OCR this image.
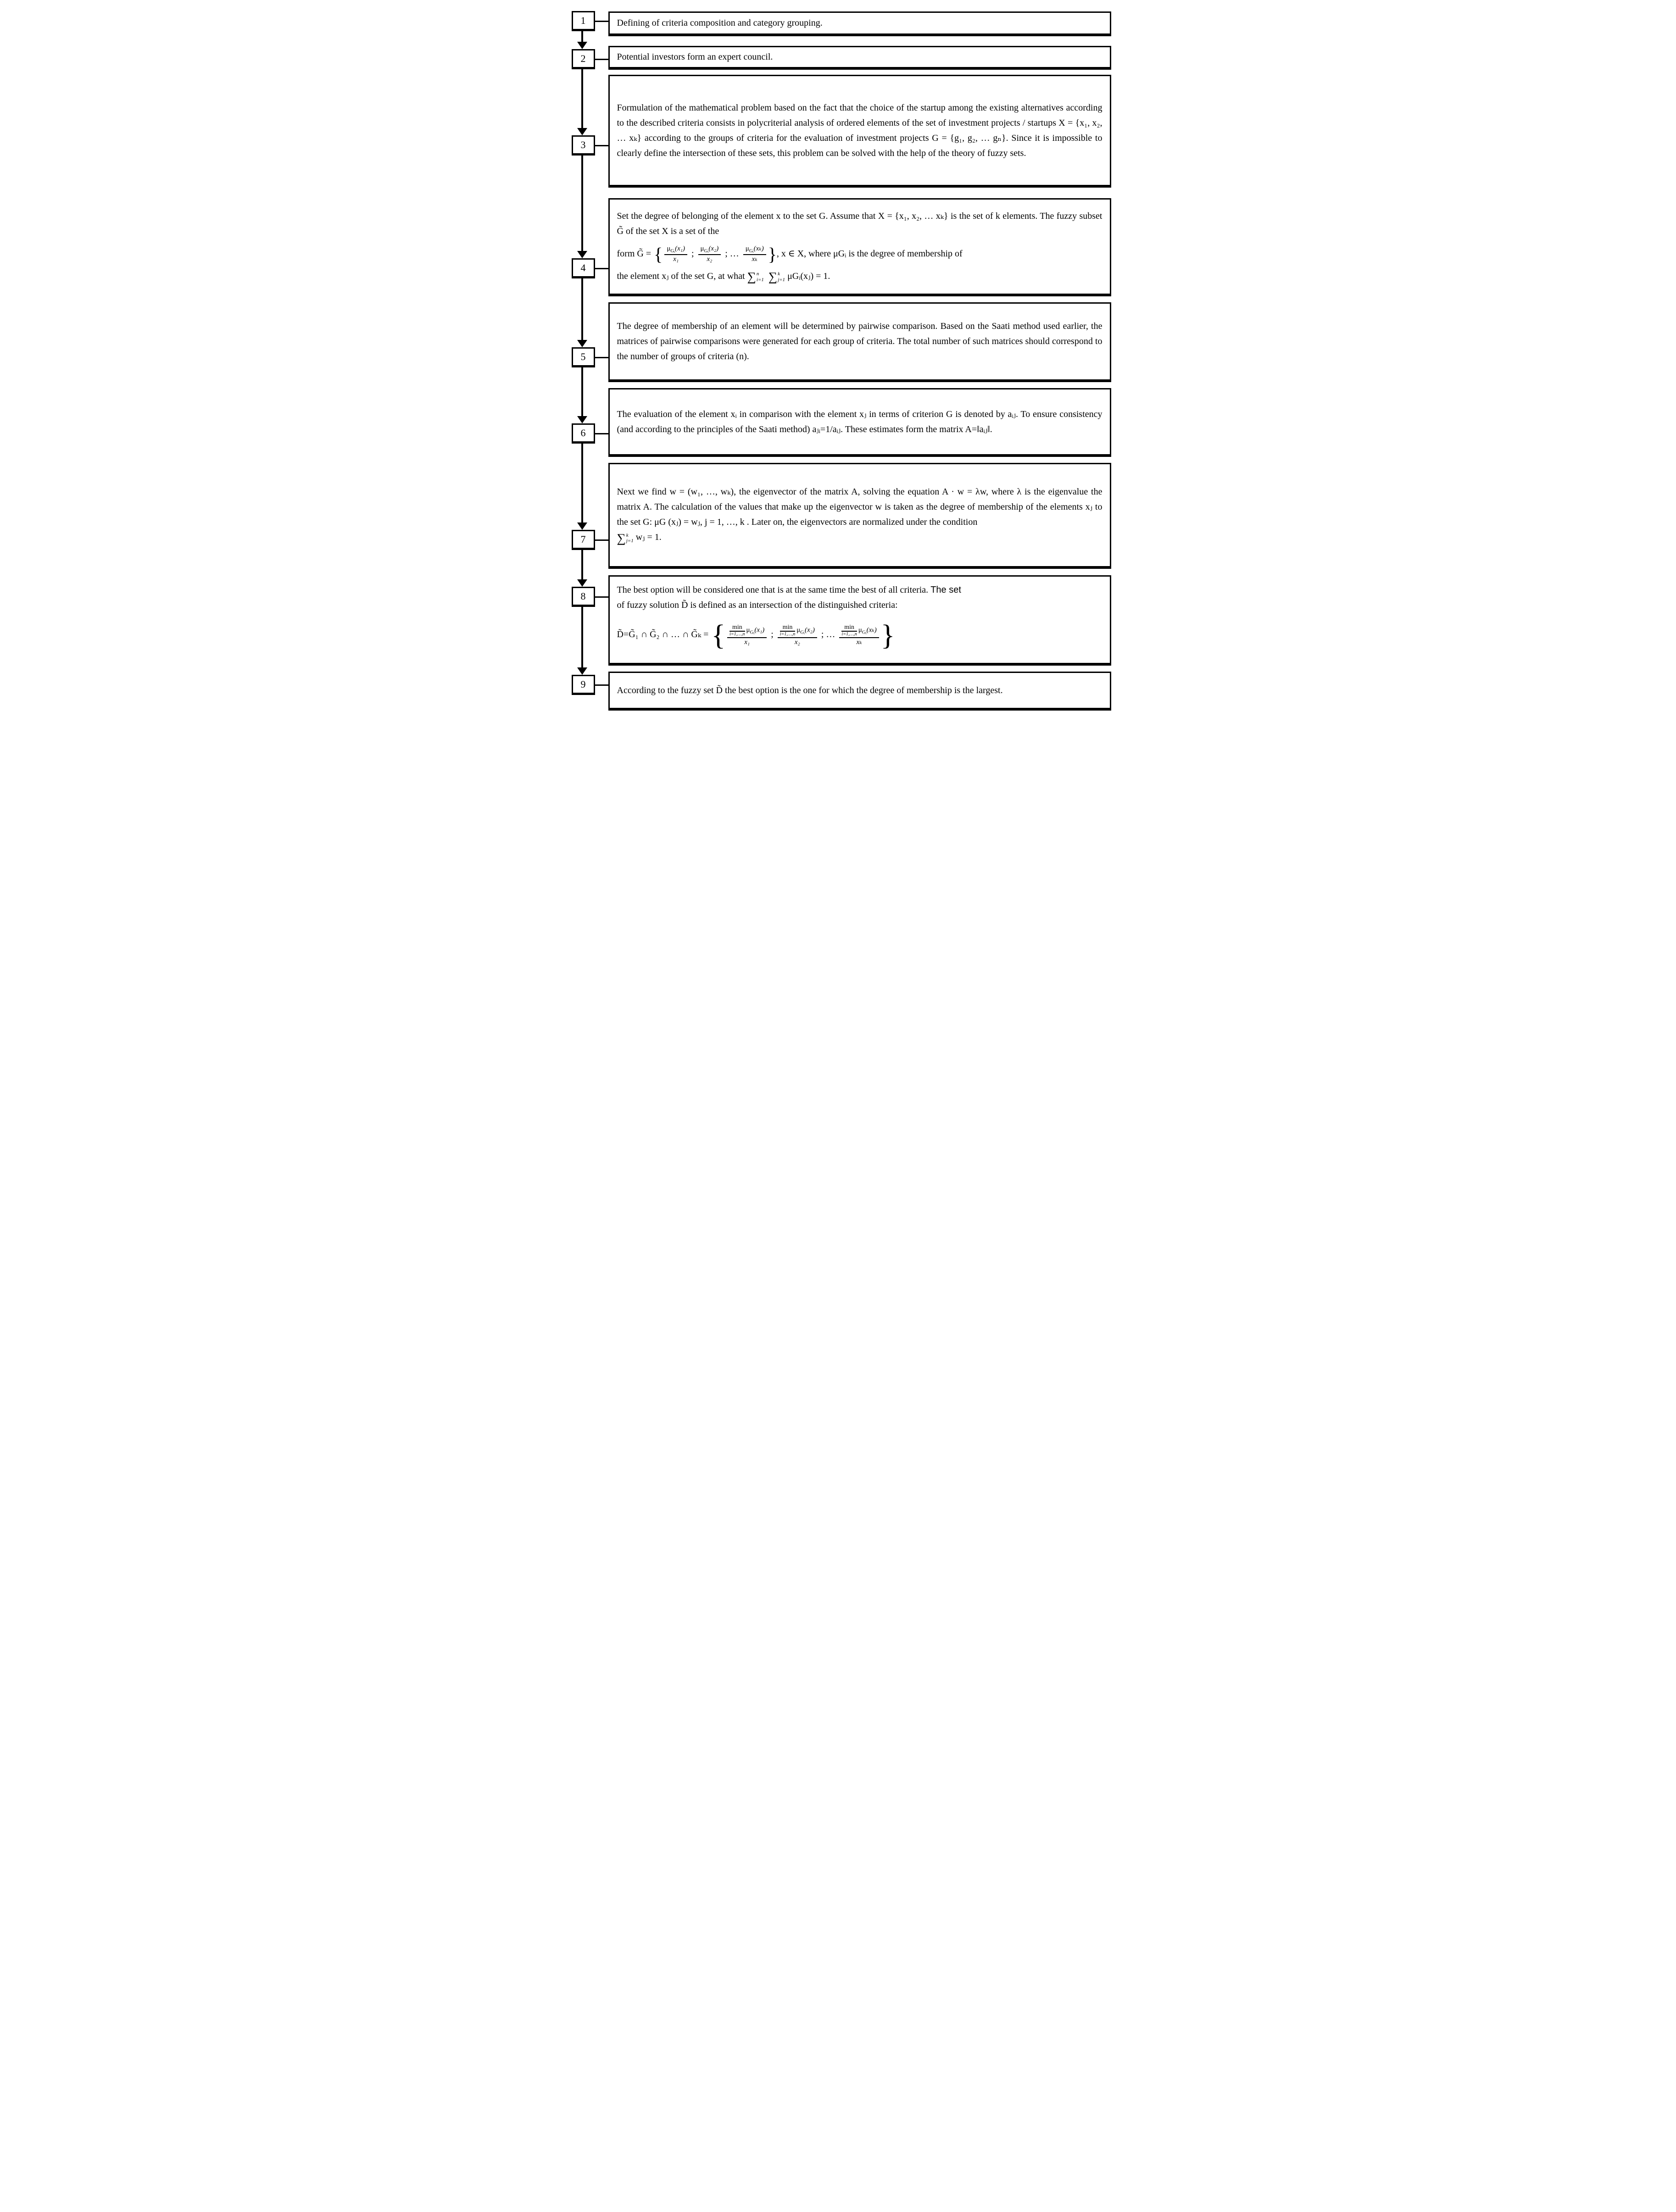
1
2
3
4
5
6
7
8
9

Defining of criteria composition and category grouping.

Potential investors form an expert council.

Formulation of the mathematical problem based on the fact that the choice of the startup among the existing alternatives according to the described criteria consists in polycriterial analysis of ordered elements of the set of investment projects / startups X = {x₁, x₂, … xₖ} according to the groups of criteria for the evaluation of investment projects G = {g₁, g₂, … gₙ}. Since it is impossible to clearly define the intersection of these sets, this problem can be solved with the help of the theory of fuzzy sets.

Set the degree of belonging of the element x to the set G. Assume that X = {x₁, x₂, … xₖ} is the set of k elements. The fuzzy subset G̃ of the set X is a set of the

form G̃ = { $\frac{\mu_{Gᵢ}(x_1)}{\text{x₁}}$ ; $\frac{\mu_{Gᵢ}(x_2)}{\text{x₂}}$ ; … $\frac{\mu_{Gᵢ}(x_k)}{\text{xₖ}}$ }, x ∈ X, where μGᵢ is the degree of membership of

the element xⱼ of the set G, at what ∑ n
i=1 ∑ k
j=1 μGᵢ(xⱼ) = 1.

The degree of membership of an element will be determined by pairwise comparison. Based on the Saati method used earlier, the matrices of pairwise comparisons were generated for each group of criteria. The total number of such matrices should correspond to the number of groups of criteria (n).

The evaluation of the element xᵢ in comparison with the element xⱼ in terms of criterion G is denoted by aᵢⱼ. To ensure consistency (and according to the principles of the Saati method) aⱼᵢ=1/aᵢⱼ. These estimates form the matrix A=‖aᵢⱼ‖.

Next we find w = (w₁, …, wₖ), the eigenvector of the matrix A, solving the equation A · w = λw, where λ is the eigenvalue the matrix A. The calculation of the values that make up the eigenvector w is taken as the degree of membership of the elements xⱼ to the set G: μG (xⱼ) = wⱼ, j = 1, …, k . Later on, the eigenvectors are normalized under the condition

∑ k
j=1 wⱼ = 1.

The best option will be considered one that is at the same time the best of all criteria. The set

of fuzzy solution D̃ is defined as an intersection of the distinguished criteria:

D̃=G̃₁ ∩ G̃₂ ∩ … ∩ G̃ₖ ={ min
i=1,…,n
$\mu_{Gᵢ}(x_1)$
x₁ ; min
i=1,…,n
$\mu_{Gᵢ}(x_2)$
x₂ ; … min
i=1,…,n
$\mu_{Gᵢ}(x_k)$
xₖ }

According to the fuzzy set D̃ the best option is the one for which the degree of membership is the largest.
